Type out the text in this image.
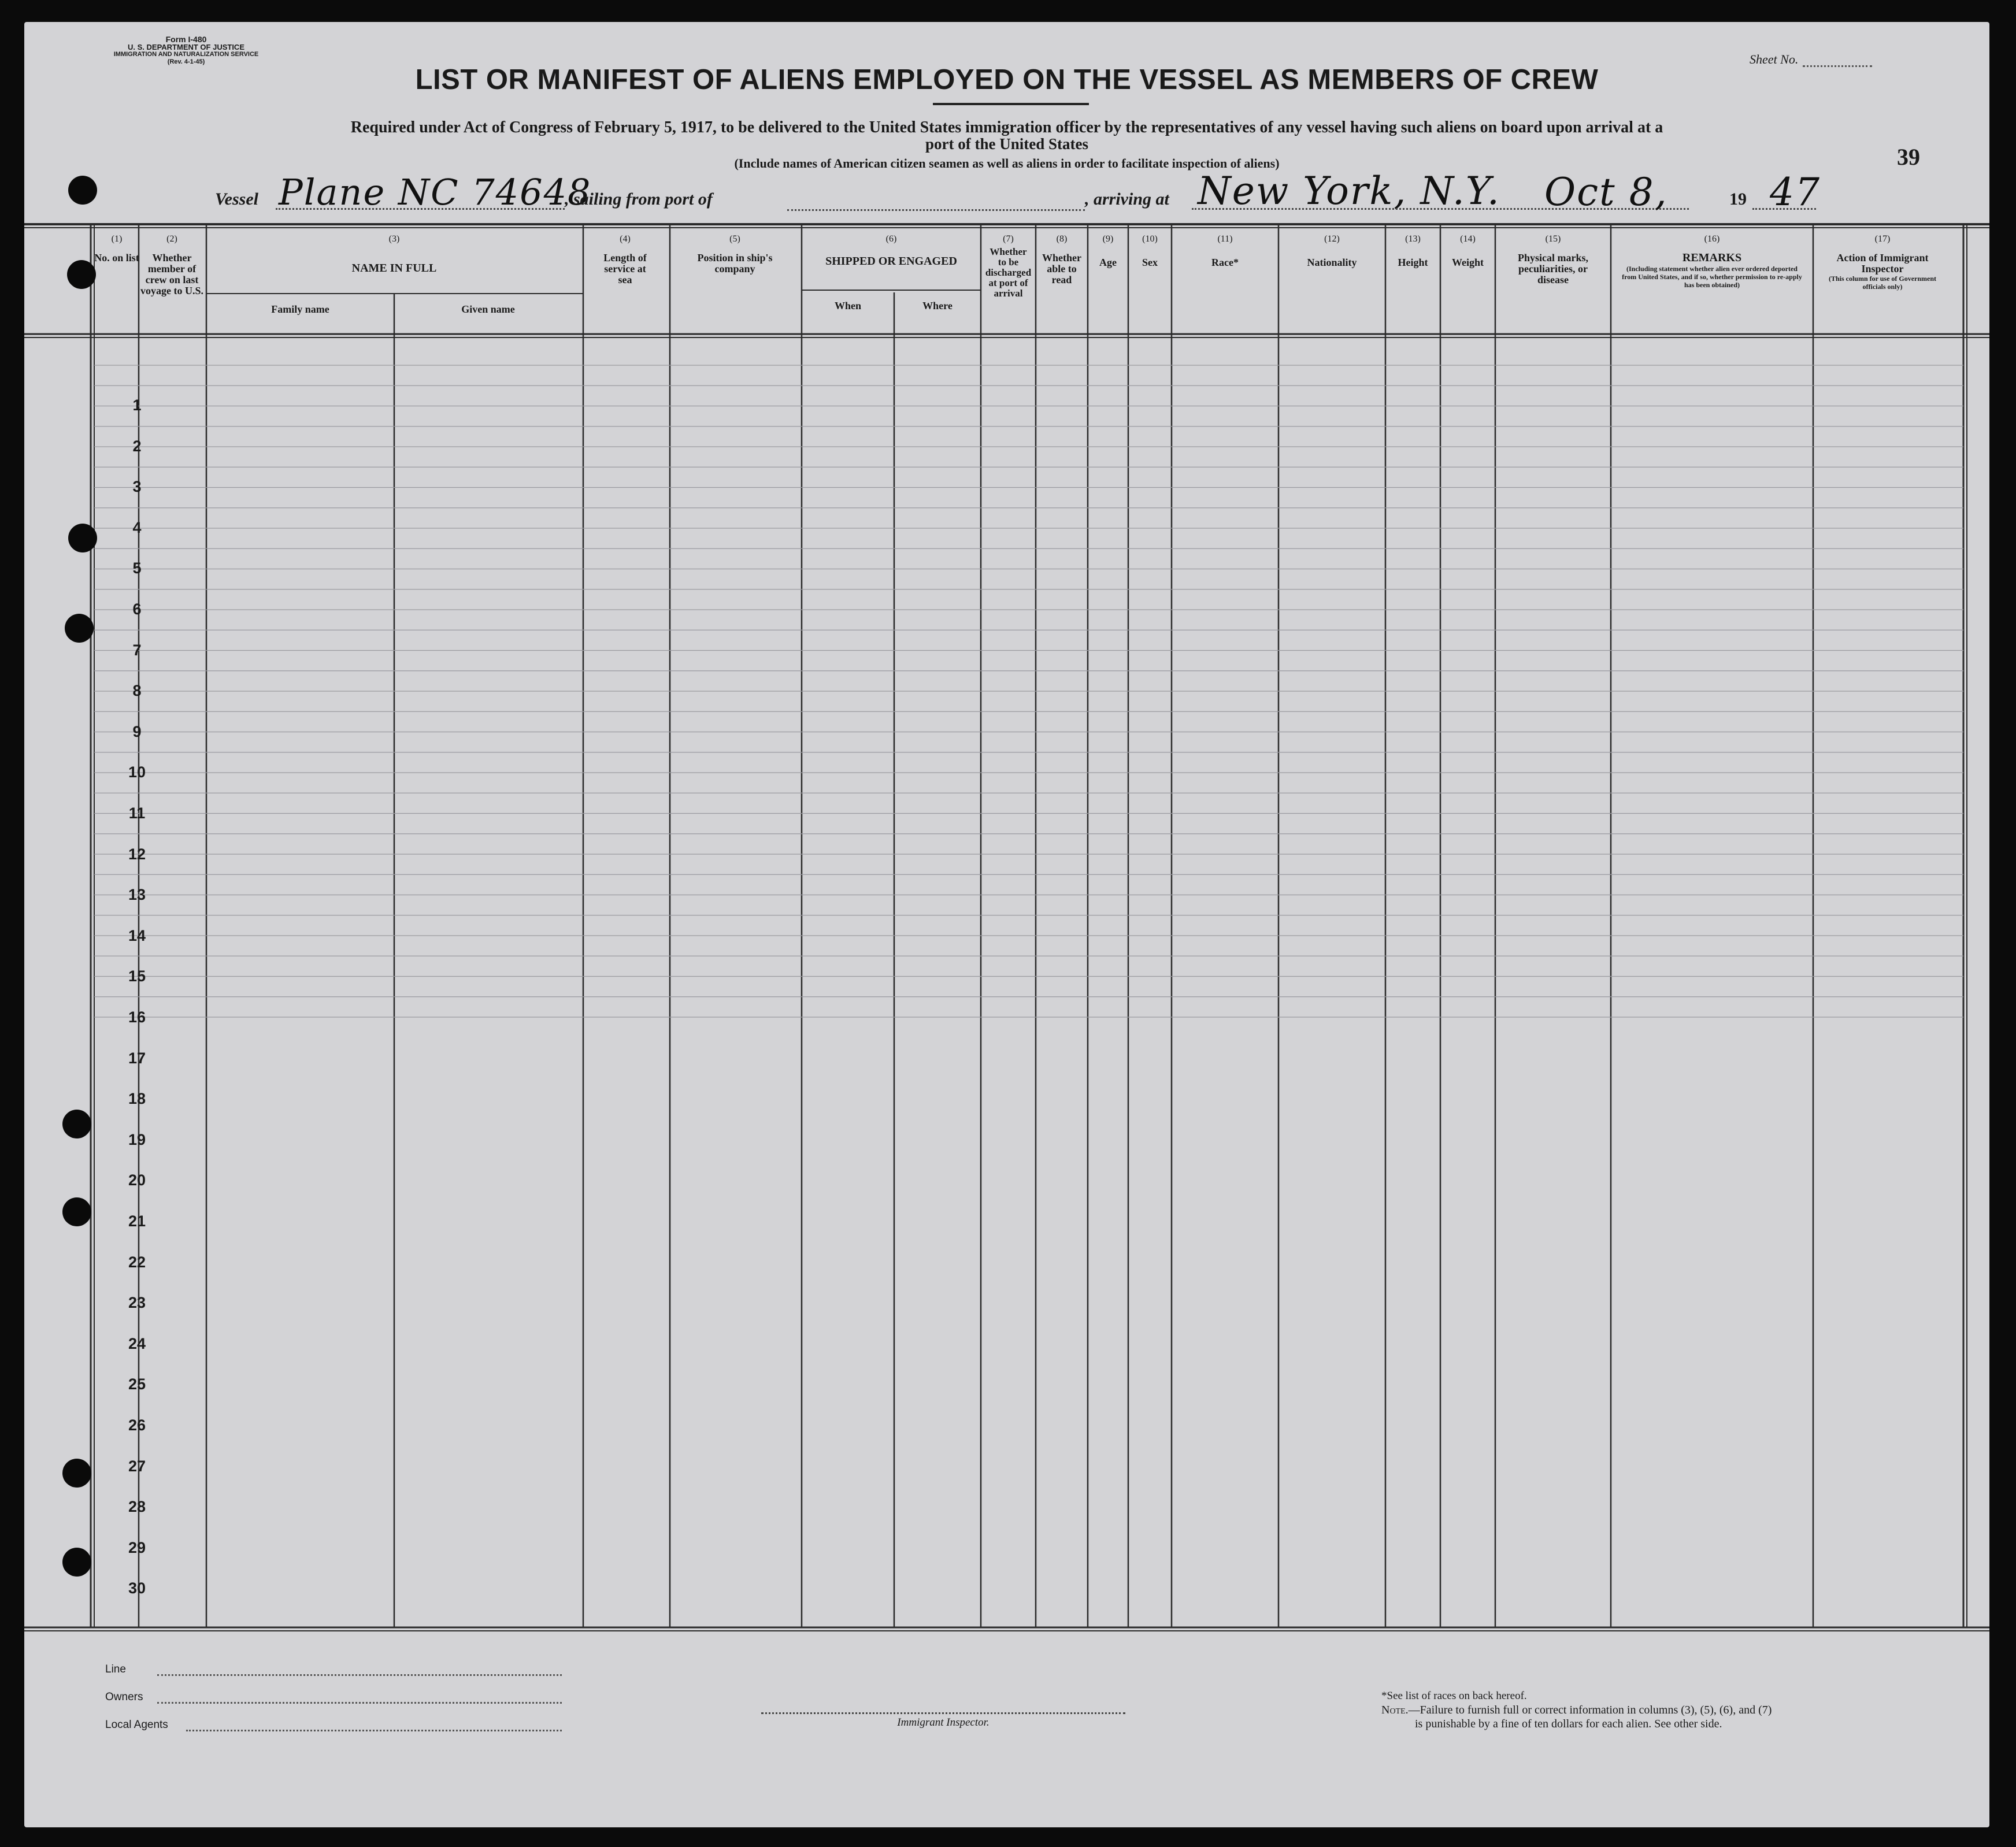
Form I-480
U. S. DEPARTMENT OF JUSTICE
IMMIGRATION AND NATURALIZATION SERVICE
(Rev. 4-1-45)	Sheet No.
LIST OR MANIFEST OF ALIENS EMPLOYED ON THE VESSEL AS MEMBERS OF CREW
Required under Act of Congress of February 5, 1917, to be delivered to the United States immigration officer by the representatives of any vessel having such aliens on board upon arrival at a
port of the United States
(Include names of American citizen seamen as well as aliens in order to facilitate inspection of aliens)	39
Vessel Plane NC 74648
, sailing from port of	, arriving at New York, N.Y. Oct 8,	19 47
(1)
No. on list
(2)
Whether member of crew on last voyage to U.S.
(3)
NAME IN FULL
Family name	Given name
(4)
Length of service at sea
(5)
Position in ship's company
(6)
SHIPPED OR ENGAGED
When	Where
(7)
Whether to be discharged at port of arrival
(8)
Whether able to read
(9)
Age
(10)
Sex
(11)
Race*
(12)
Nationality
(13)
Height
(14)
Weight
(15)
Physical marks, peculiarities, or disease
(16)
REMARKS
(Including statement whether alien ever ordered deported from United States, and if so, whether permission to re-apply has been obtained)
(17)
Action of Immigrant Inspector
(This column for use of Government officials only)
1
2
3
4
5
6
7
8
9
10
11
12
13
14
15
16
17
18
19
20
21
22
23
24
25
26
27
28
29
30
Line
Owners
Local Agents	Immigrant Inspector.
*See list of races on back hereof.
Note.—Failure to furnish full or correct information in columns (3), (5), (6), and (7)
is punishable by a fine of ten dollars for each alien. See other side.
